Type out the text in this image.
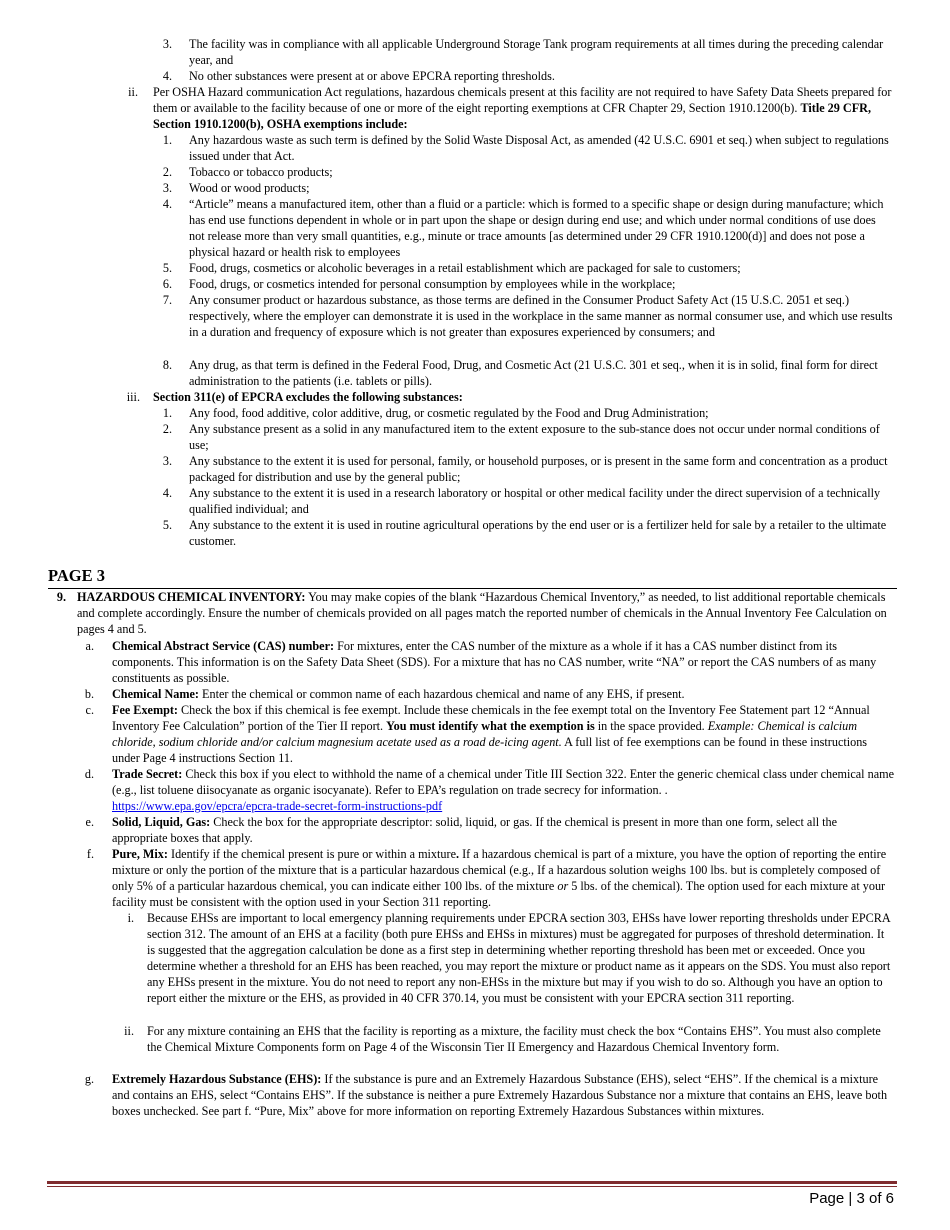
3. The facility was in compliance with all applicable Underground Storage Tank program requirements at all times during the preceding calendar year, and
4. No other substances were present at or above EPCRA reporting thresholds.
ii. Per OSHA Hazard communication Act regulations, hazardous chemicals present at this facility are not required to have Safety Data Sheets prepared for them or available to the facility because of one or more of the eight reporting exemptions at CFR Chapter 29, Section 1910.1200(b). Title 29 CFR, Section 1910.1200(b), OSHA exemptions include:
1. Any hazardous waste as such term is defined by the Solid Waste Disposal Act, as amended (42 U.S.C. 6901 et seq.) when subject to regulations issued under that Act.
2. Tobacco or tobacco products;
3. Wood or wood products;
4. “Article” means a manufactured item, other than a fluid or a particle: which is formed to a specific shape or design during manufacture; which has end use functions dependent in whole or in part upon the shape or design during end use; and which under normal conditions of use does not release more than very small quantities, e.g., minute or trace amounts [as determined under 29 CFR 1910.1200(d)] and does not pose a physical hazard or health risk to employees
5. Food, drugs, cosmetics or alcoholic beverages in a retail establishment which are packaged for sale to customers;
6. Food, drugs, or cosmetics intended for personal consumption by employees while in the workplace;
7. Any consumer product or hazardous substance, as those terms are defined in the Consumer Product Safety Act (15 U.S.C. 2051 et seq.) respectively, where the employer can demonstrate it is used in the workplace in the same manner as normal consumer use, and which use results in a duration and frequency of exposure which is not greater than exposures experienced by consumers; and
8. Any drug, as that term is defined in the Federal Food, Drug, and Cosmetic Act (21 U.S.C. 301 et seq., when it is in solid, final form for direct administration to the patients (i.e. tablets or pills).
iii. Section 311(e) of EPCRA excludes the following substances:
1. Any food, food additive, color additive, drug, or cosmetic regulated by the Food and Drug Administration;
2. Any substance present as a solid in any manufactured item to the extent exposure to the sub-stance does not occur under normal conditions of use;
3. Any substance to the extent it is used for personal, family, or household purposes, or is present in the same form and concentration as a product packaged for distribution and use by the general public;
4. Any substance to the extent it is used in a research laboratory or hospital or other medical facility under the direct supervision of a technically qualified individual; and
5. Any substance to the extent it is used in routine agricultural operations by the end user or is a fertilizer held for sale by a retailer to the ultimate customer.
PAGE 3
9. HAZARDOUS CHEMICAL INVENTORY: You may make copies of the blank “Hazardous Chemical Inventory,” as needed, to list additional reportable chemicals and complete accordingly. Ensure the number of chemicals provided on all pages match the reported number of chemicals in the Annual Inventory Fee Calculation on pages 4 and 5.
a. Chemical Abstract Service (CAS) number: For mixtures, enter the CAS number of the mixture as a whole if it has a CAS number distinct from its components. This information is on the Safety Data Sheet (SDS). For a mixture that has no CAS number, write “NA” or report the CAS numbers of as many constituents as possible.
b. Chemical Name: Enter the chemical or common name of each hazardous chemical and name of any EHS, if present.
c. Fee Exempt: Check the box if this chemical is fee exempt. Include these chemicals in the fee exempt total on the Inventory Fee Statement part 12 “Annual Inventory Fee Calculation” portion of the Tier II report. You must identify what the exemption is in the space provided. Example: Chemical is calcium chloride, sodium chloride and/or calcium magnesium acetate used as a road de-icing agent. A full list of fee exemptions can be found in these instructions under Page 4 instructions Section 11.
d. Trade Secret: Check this box if you elect to withhold the name of a chemical under Title III Section 322. Enter the generic chemical class under chemical name (e.g., list toluene diisocyanate as organic isocyanate). Refer to EPA’s regulation on trade secrecy for information. .
https://www.epa.gov/epcra/epcra-trade-secret-form-instructions-pdf
e. Solid, Liquid, Gas: Check the box for the appropriate descriptor: solid, liquid, or gas. If the chemical is present in more than one form, select all the appropriate boxes that apply.
f. Pure, Mix: Identify if the chemical present is pure or within a mixture. If a hazardous chemical is part of a mixture, you have the option of reporting the entire mixture or only the portion of the mixture that is a particular hazardous chemical (e.g., If a hazardous solution weighs 100 lbs. but is completely composed of only 5% of a particular hazardous chemical, you can indicate either 100 lbs. of the mixture or 5 lbs. of the chemical). The option used for each mixture at your facility must be consistent with the option used in your Section 311 reporting.
i. Because EHSs are important to local emergency planning requirements under EPCRA section 303, EHSs have lower reporting thresholds under EPCRA section 312. The amount of an EHS at a facility (both pure EHSs and EHSs in mixtures) must be aggregated for purposes of threshold determination. It is suggested that the aggregation calculation be done as a first step in determining whether reporting threshold has been met or exceeded. Once you determine whether a threshold for an EHS has been reached, you may report the mixture or product name as it appears on the SDS. You must also report any EHSs present in the mixture. You do not need to report any non-EHSs in the mixture but may if you wish to do so. Although you have an option to report either the mixture or the EHS, as provided in 40 CFR 370.14, you must be consistent with your EPCRA section 311 reporting.
ii. For any mixture containing an EHS that the facility is reporting as a mixture, the facility must check the box “Contains EHS”. You must also complete the Chemical Mixture Components form on Page 4 of the Wisconsin Tier II Emergency and Hazardous Chemical Inventory form.
g. Extremely Hazardous Substance (EHS): If the substance is pure and an Extremely Hazardous Substance (EHS), select “EHS”. If the chemical is a mixture and contains an EHS, select “Contains EHS”. If the substance is neither a pure Extremely Hazardous Substance nor a mixture that contains an EHS, leave both boxes unchecked. See part f. “Pure, Mix” above for more information on reporting Extremely Hazardous Substances within mixtures.
Page | 3 of 6
